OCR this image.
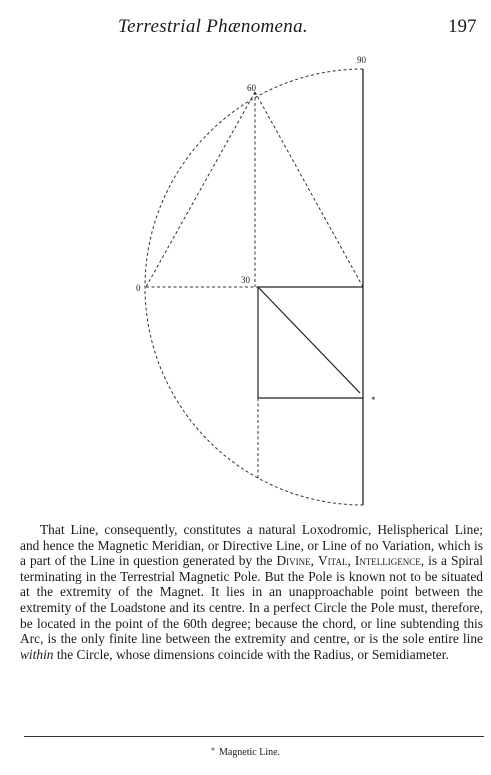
Terrestrial Phænomena.	197
90
60
30
0
*

That Line, consequently, constitutes a natural Loxodromic, Helispherical Line; and hence the Magnetic Meridian, or Directive Line, or Line of no Variation, which is a part of the Line in question generated by the Divine, Vital, Intelligence, is a Spiral terminating in the Terrestrial Magnetic Pole. But the Pole is known not to be situated at the extremity of the Magnet. It lies in an unapproachable point between the extremity of the Loadstone and its centre. In a perfect Circle the Pole must, therefore, be located in the point of the 60th degree; because the chord, or line subtending this Arc, is the only finite line between the extremity and centre, or is the sole entire line within the Circle, whose dimensions coincide with the Radius, or Semidiameter.

* Magnetic Line.
